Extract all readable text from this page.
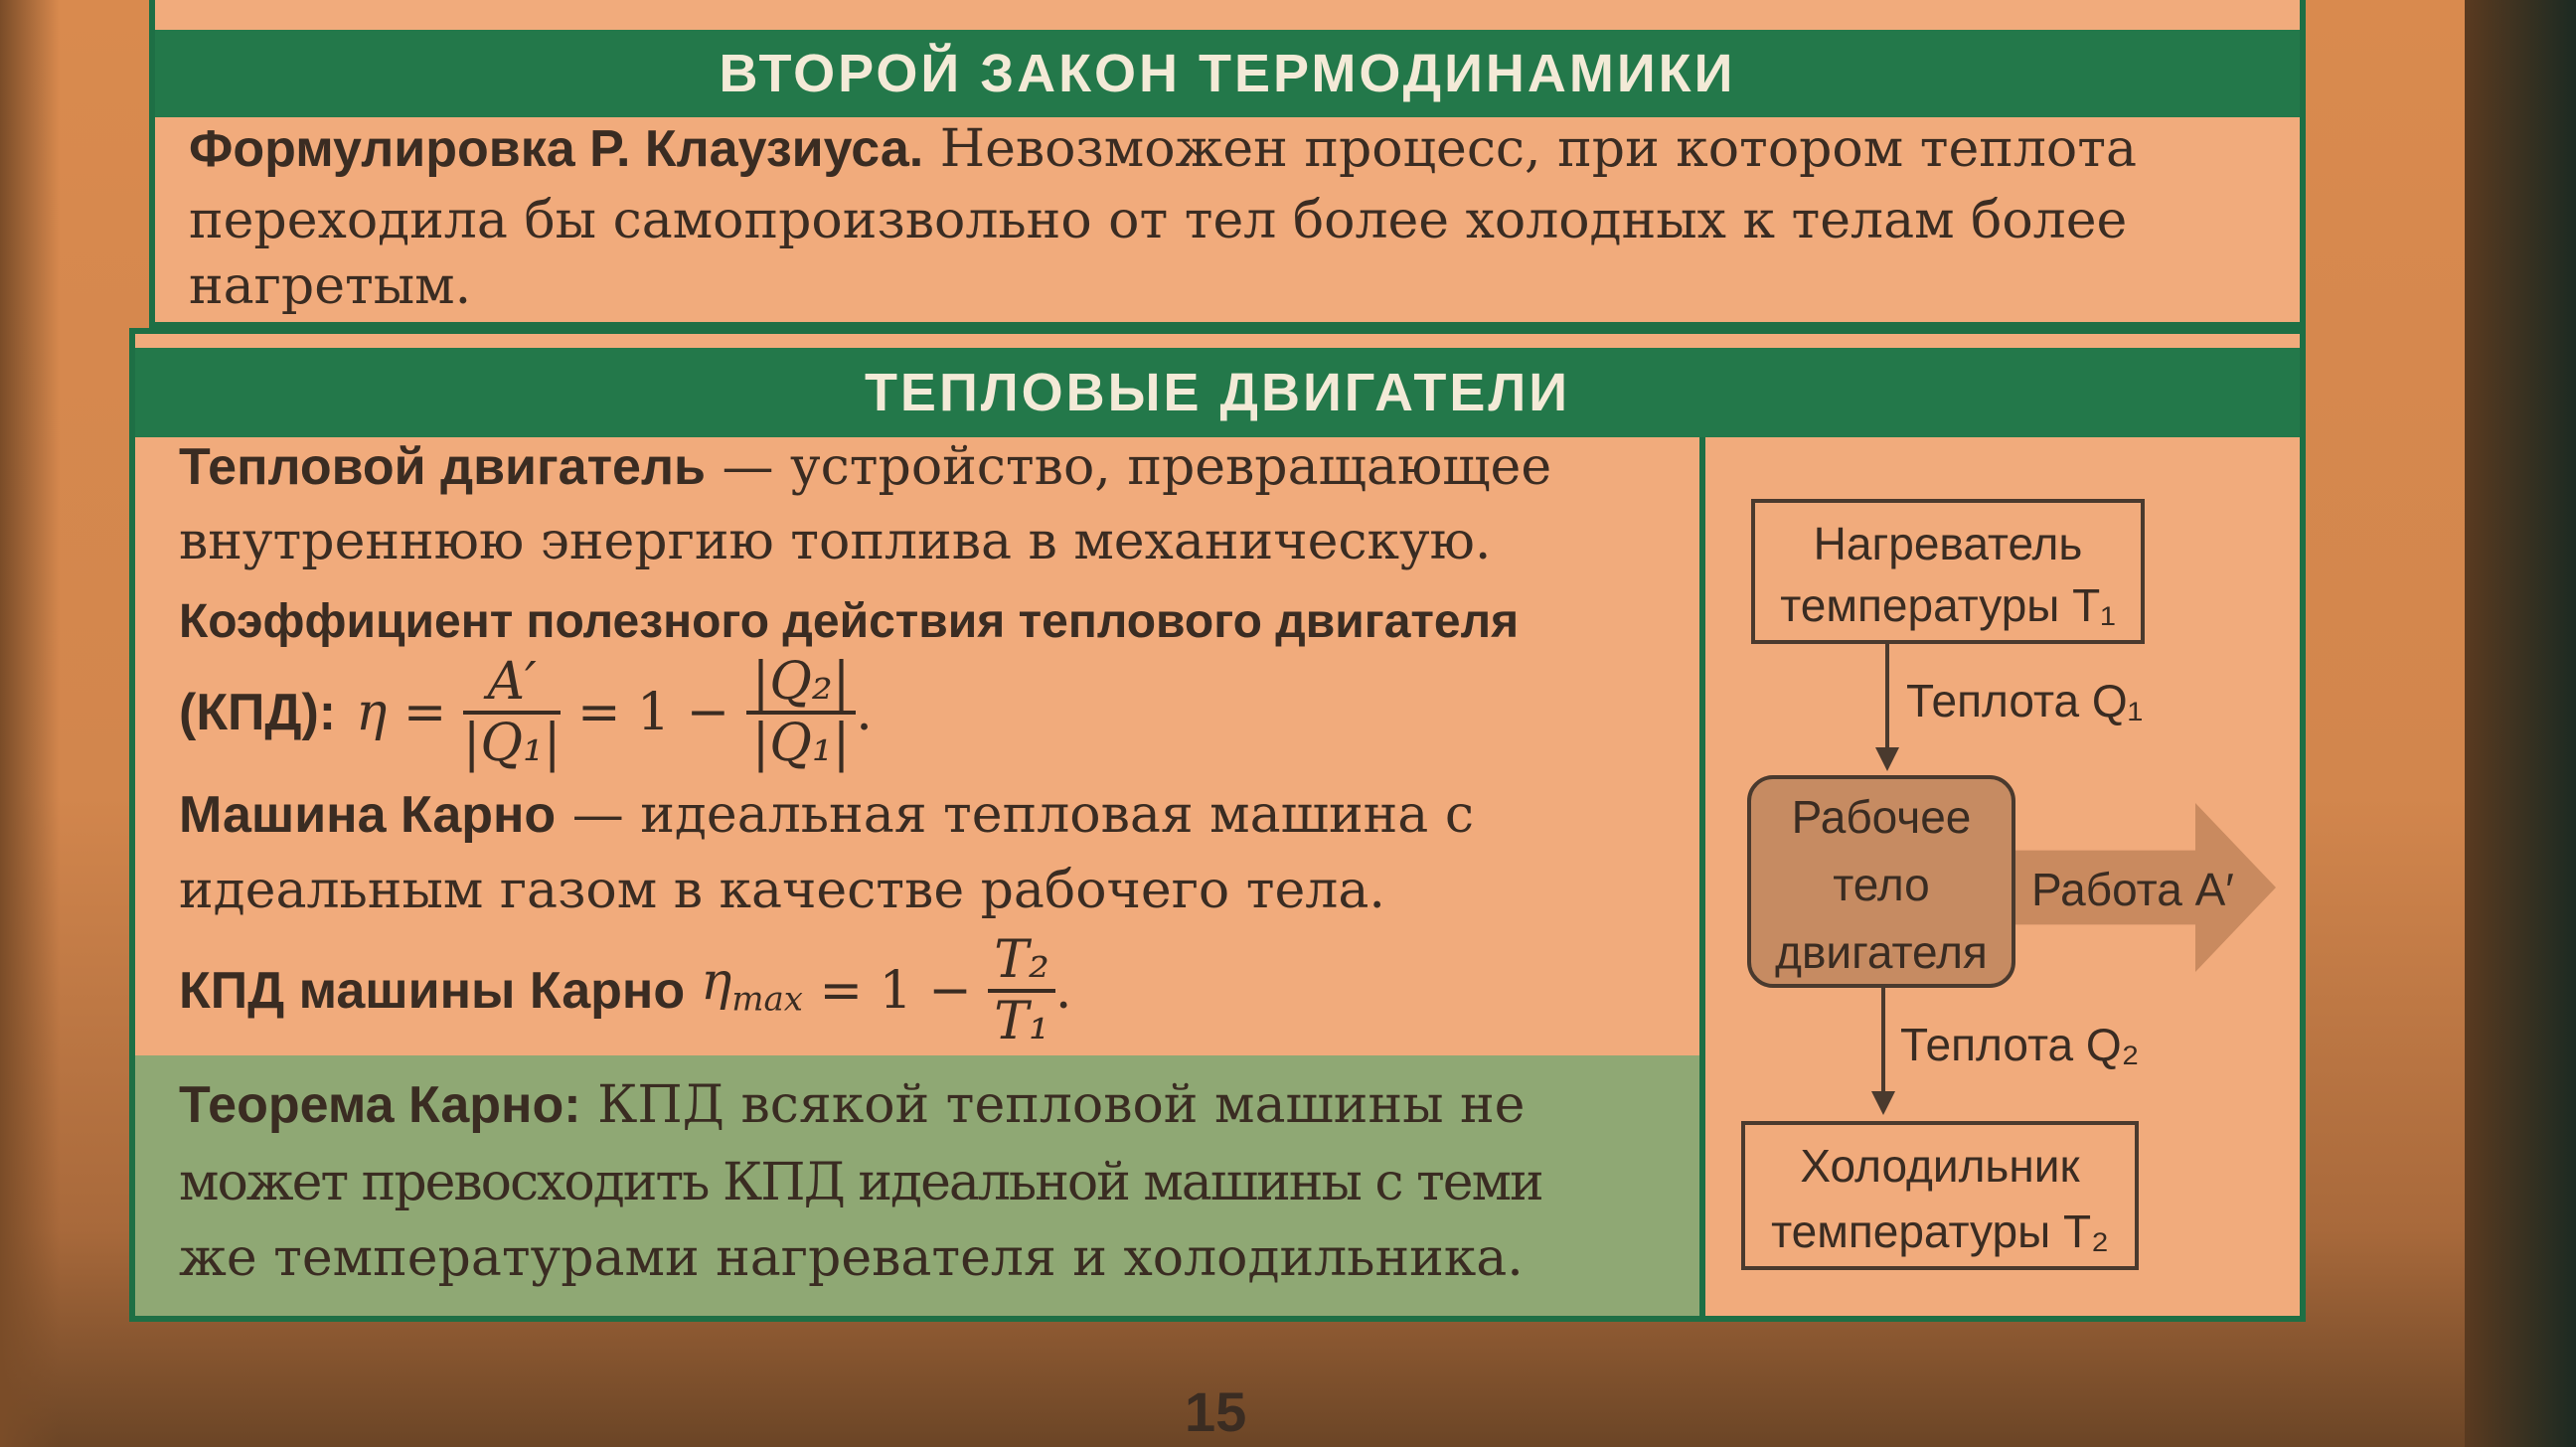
ВТОРОЙ ЗАКОН ТЕРМОДИНАМИКИ
Формулировка Р. Клаузиуса. Невозможен процесс, при котором теплота
переходила бы самопроизвольно от тел более холодных к телам более
нагретым.
ТЕПЛОВЫЕ ДВИГАТЕЛИ
Тепловой двигатель — устройство, превращающее
внутреннюю энергию топлива в механическую.
Коэффициент полезного действия теплового двигателя
(КПД): $\eta = \frac{A'}{\text{|Q₁|}} = 1 - \frac{\text{|Q₂|}}{\text{|Q₁|}}$ .
Машина Карно — идеальная тепловая машина с
идеальным газом в качестве рабочего тела.
КПД машины Карно $\eta_{max} = 1 - \frac{\text{T₂}}{\text{T₁}}$ .
Теорема Карно: КПД всякой тепловой машины не
может превосходить КПД идеальной машины с теми
же температурами нагревателя и холодильника.
Нагреватель
температуры T₁
Теплота Q₁
Работа A′
Рабочее
тело
двигателя
Теплота Q₂
Холодильник
температуры T₂
15
